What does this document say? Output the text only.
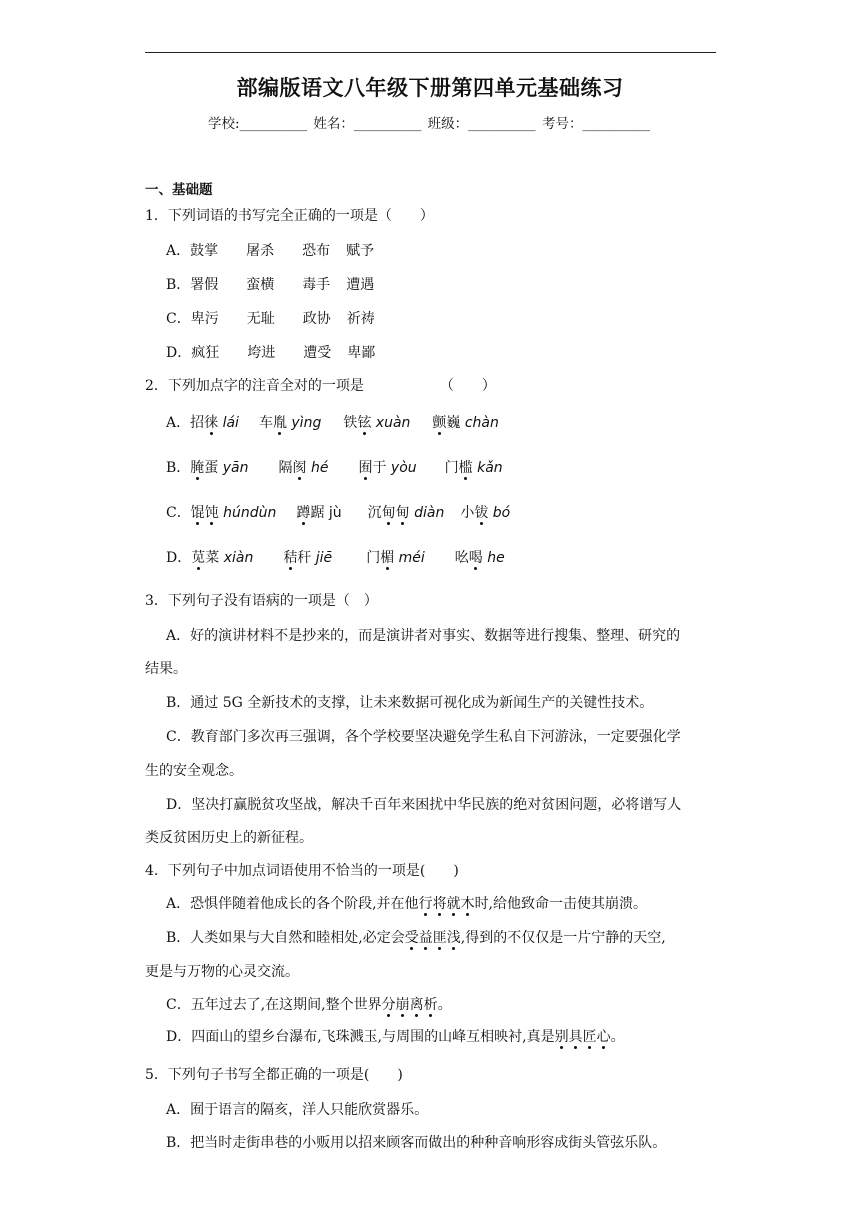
部编版语文八年级下册第四单元基础练习
学校:__________ 姓名：__________ 班级：__________ 考号：__________
一、基础题
1．下列词语的书写完全正确的一项是（　　）
A．鼓掌 屠杀 恐布 赋予
B．署假 蛮横 毒手 遭遇
C．卑污 无耻 政协 祈祷
D．疯狂 垮进 遭受 卑鄙
2．下列加点字的注音全对的一项是	（　　）
A．招徕 lái 车胤 yìng 铁铉 xuàn 颤巍 chàn
B．腌蛋 yān 隔阂 hé 囿于 yòu 门槛 kǎn
C．馄饨 húndùn 蹲踞 jù 沉甸甸 diàn 小钹 bó
D．苋菜 xiàn 秸秆 jiē 门楣 méi 吆喝 he
3．下列句子没有语病的一项是（　）
A．好的演讲材料不是抄来的，而是演讲者对事实、数据等进行搜集、整理、研究的
结果。
B．通过 5G 全新技术的支撑，让未来数据可视化成为新闻生产的关键性技术。
C．教育部门多次再三强调，各个学校要坚决避免学生私自下河游泳，一定要强化学
生的安全观念。
D．坚决打赢脱贫攻坚战，解决千百年来困扰中华民族的绝对贫困问题，必将谱写人
类反贫困历史上的新征程。
4．下列句子中加点词语使用不恰当的一项是(　　)
A．恐惧伴随着他成长的各个阶段,并在他行将就木时,给他致命一击使其崩溃。
B．人类如果与大自然和睦相处,必定会受益匪浅,得到的不仅仅是一片宁静的天空,
更是与万物的心灵交流。
C．五年过去了,在这期间,整个世界分崩离析。
D．四面山的望乡台瀑布,飞珠溅玉,与周围的山峰互相映衬,真是别具匠心。
5．下列句子书写全都正确的一项是(　　)
A．囿于语言的隔亥，洋人只能欣赏器乐。
B．把当时走街串巷的小贩用以招来顾客而做出的种种音响形容成街头管弦乐队。
